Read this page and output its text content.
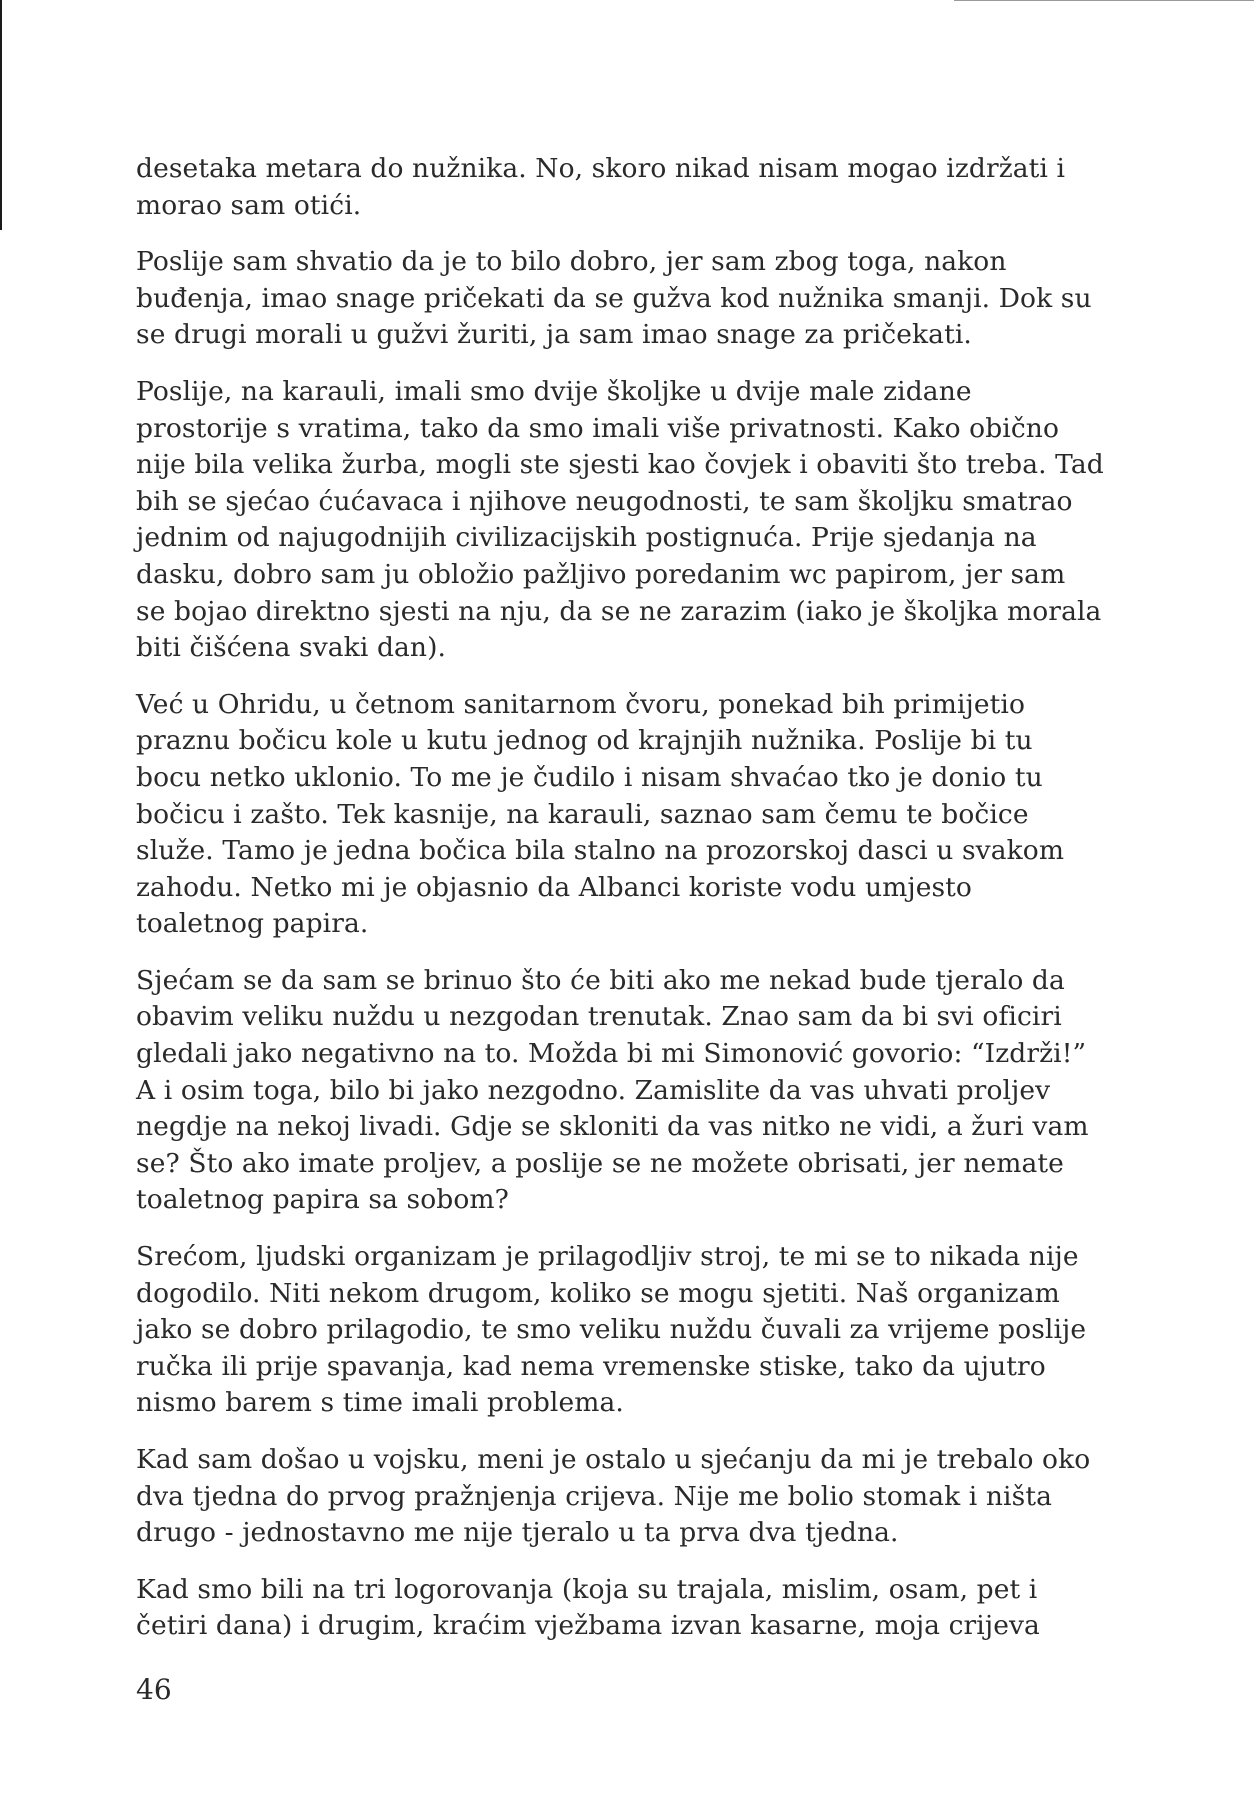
desetaka metara do nužnika. No, skoro nikad nisam mogao izdržati i
morao sam otići.

Poslije sam shvatio da je to bilo dobro, jer sam zbog toga, nakon
buđenja, imao snage pričekati da se gužva kod nužnika smanji. Dok su
se drugi morali u gužvi žuriti, ja sam imao snage za pričekati.

Poslije, na karauli, imali smo dvije školjke u dvije male zidane
prostorije s vratima, tako da smo imali više privatnosti. Kako obično
nije bila velika žurba, mogli ste sjesti kao čovjek i obaviti što treba. Tad
bih se sjećao ćućavaca i njihove neugodnosti, te sam školjku smatrao
jednim od najugodnijih civilizacijskih postignuća. Prije sjedanja na
dasku, dobro sam ju obložio pažljivo poredanim wc papirom, jer sam
se bojao direktno sjesti na nju, da se ne zarazim (iako je školjka morala
biti čišćena svaki dan).

Već u Ohridu, u četnom sanitarnom čvoru, ponekad bih primijetio
praznu bočicu kole u kutu jednog od krajnjih nužnika. Poslije bi tu
bocu netko uklonio. To me je čudilo i nisam shvaćao tko je donio tu
bočicu i zašto. Tek kasnije, na karauli, saznao sam čemu te bočice
služe. Tamo je jedna bočica bila stalno na prozorskoj dasci u svakom
zahodu. Netko mi je objasnio da Albanci koriste vodu umjesto
toaletnog papira.

Sjećam se da sam se brinuo što će biti ako me nekad bude tjeralo da
obavim veliku nuždu u nezgodan trenutak. Znao sam da bi svi oficiri
gledali jako negativno na to. Možda bi mi Simonović govorio: “Izdrži!”
A i osim toga, bilo bi jako nezgodno. Zamislite da vas uhvati proljev
negdje na nekoj livadi. Gdje se skloniti da vas nitko ne vidi, a žuri vam
se? Što ako imate proljev, a poslije se ne možete obrisati, jer nemate
toaletnog papira sa sobom?

Srećom, ljudski organizam je prilagodljiv stroj, te mi se to nikada nije
dogodilo. Niti nekom drugom, koliko se mogu sjetiti. Naš organizam
jako se dobro prilagodio, te smo veliku nuždu čuvali za vrijeme poslije
ručka ili prije spavanja, kad nema vremenske stiske, tako da ujutro
nismo barem s time imali problema.

Kad sam došao u vojsku, meni je ostalo u sjećanju da mi je trebalo oko
dva tjedna do prvog pražnjenja crijeva. Nije me bolio stomak i ništa
drugo - jednostavno me nije tjeralo u ta prva dva tjedna.

Kad smo bili na tri logorovanja (koja su trajala, mislim, osam, pet i
četiri dana) i drugim, kraćim vježbama izvan kasarne, moja crijeva

46
